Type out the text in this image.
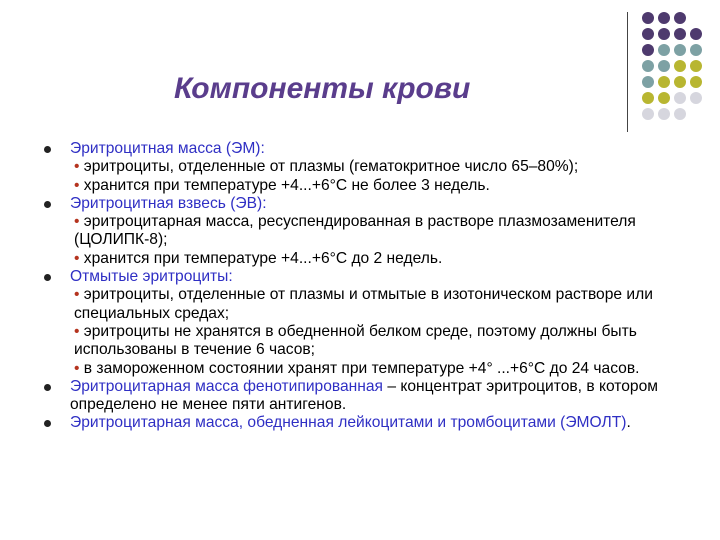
Компоненты крови
Эритроцитная масса (ЭМ):
• эритроциты, отделенные от плазмы (гематокритное число 65–80%);
• хранится при температуре +4...+6°С не более 3 недель.
Эритроцитная взвесь (ЭВ):
• эритроцитарная масса, ресуспендированная в растворе плазмозаменителя (ЦОЛИПК-8);
• хранится при температуре +4...+6°С до 2 недель.
Отмытые эритроциты:
• эритроциты, отделенные от плазмы и отмытые в изотоническом растворе или специальных средах;
• эритроциты не хранятся в обедненной белком среде, поэтому должны быть использованы в течение 6 часов;
• в замороженном состоянии хранят при температуре +4° ...+6°С до 24 часов.
Эритроцитарная масса фенотипированная – концентрат эритроцитов, в котором определено не менее пяти антигенов.
Эритроцитарная масса, обедненная лейкоцитами и тромбоцитами (ЭМОЛТ).
